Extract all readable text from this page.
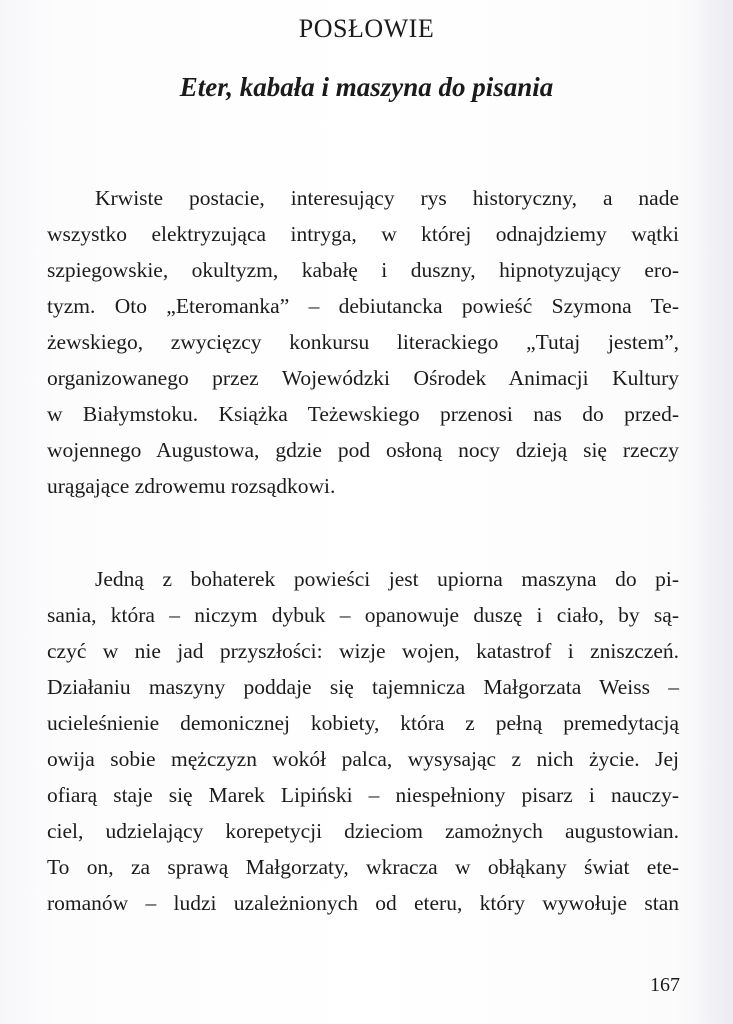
POSŁOWIE
Eter, kabała i maszyna do pisania

Krwiste postacie, interesujący rys historyczny, a nade

wszystko elektryzująca intryga, w której odnajdziemy wątki

szpiegowskie, okultyzm, kabałę i duszny, hipnotyzujący ero-

tyzm. Oto „Eteromanka” – debiutancka powieść Szymona Te-

żewskiego, zwycięzcy konkursu literackiego „Tutaj jestem”,

organizowanego przez Wojewódzki Ośrodek Animacji Kultury

w Białymstoku. Książka Teżewskiego przenosi nas do przed-

wojennego Augustowa, gdzie pod osłoną nocy dzieją się rzeczy

urągające zdrowemu rozsądkowi.

Jedną z bohaterek powieści jest upiorna maszyna do pi-

sania, która – niczym dybuk – opanowuje duszę i ciało, by są-

czyć w nie jad przyszłości: wizje wojen, katastrof i zniszczeń.

Działaniu maszyny poddaje się tajemnicza Małgorzata Weiss –

ucieleśnienie demonicznej kobiety, która z pełną premedytacją

owija sobie mężczyzn wokół palca, wysysając z nich życie. Jej

ofiarą staje się Marek Lipiński – niespełniony pisarz i nauczy-

ciel, udzielający korepetycji dzieciom zamożnych augustowian.

To on, za sprawą Małgorzaty, wkracza w obłąkany świat ete-

romanów – ludzi uzależnionych od eteru, który wywołuje stan

167
